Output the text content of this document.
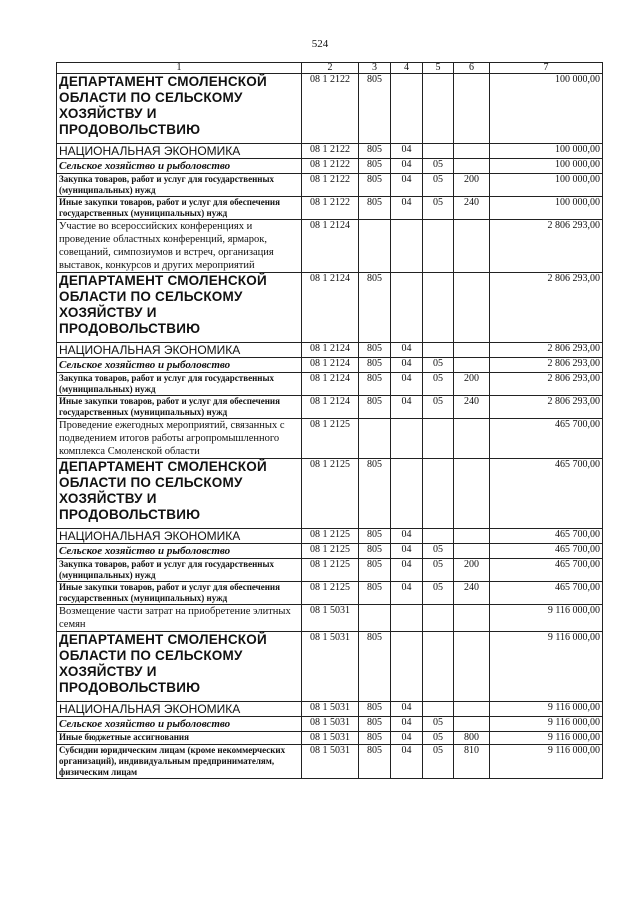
524
1	2	3	4	5	6	7
ДЕПАРТАМЕНТ СМОЛЕНСКОЙ ОБЛАСТИ ПО СЕЛЬСКОМУ ХОЗЯЙСТВУ И ПРОДОВОЛЬСТВИЮ	08 1 2122	805				100 000,00
НАЦИОНАЛЬНАЯ ЭКОНОМИКА	08 1 2122	805	04			100 000,00
Сельское хозяйство и рыболовство	08 1 2122	805	04	05		100 000,00
Закупка товаров, работ и услуг для государственных (муниципальных) нужд	08 1 2122	805	04	05	200	100 000,00
Иные закупки товаров, работ и услуг для обеспечения государственных (муниципальных) нужд	08 1 2122	805	04	05	240	100 000,00
Участие во всероссийских конференциях и проведение областных конференций, ярмарок, совещаний, симпозиумов и встреч, организация выставок, конкурсов и других мероприятий	08 1 2124					2 806 293,00
ДЕПАРТАМЕНТ СМОЛЕНСКОЙ ОБЛАСТИ ПО СЕЛЬСКОМУ ХОЗЯЙСТВУ И ПРОДОВОЛЬСТВИЮ	08 1 2124	805				2 806 293,00
НАЦИОНАЛЬНАЯ ЭКОНОМИКА	08 1 2124	805	04			2 806 293,00
Сельское хозяйство и рыболовство	08 1 2124	805	04	05		2 806 293,00
Закупка товаров, работ и услуг для государственных (муниципальных) нужд	08 1 2124	805	04	05	200	2 806 293,00
Иные закупки товаров, работ и услуг для обеспечения государственных (муниципальных) нужд	08 1 2124	805	04	05	240	2 806 293,00
Проведение ежегодных мероприятий, связанных с подведением итогов работы агропромышленного комплекса Смоленской области	08 1 2125					465 700,00
ДЕПАРТАМЕНТ СМОЛЕНСКОЙ ОБЛАСТИ ПО СЕЛЬСКОМУ ХОЗЯЙСТВУ И ПРОДОВОЛЬСТВИЮ	08 1 2125	805				465 700,00
НАЦИОНАЛЬНАЯ ЭКОНОМИКА	08 1 2125	805	04			465 700,00
Сельское хозяйство и рыболовство	08 1 2125	805	04	05		465 700,00
Закупка товаров, работ и услуг для государственных (муниципальных) нужд	08 1 2125	805	04	05	200	465 700,00
Иные закупки товаров, работ и услуг для обеспечения государственных (муниципальных) нужд	08 1 2125	805	04	05	240	465 700,00
Возмещение части затрат на приобретение элитных семян	08 1 5031					9 116 000,00
ДЕПАРТАМЕНТ СМОЛЕНСКОЙ ОБЛАСТИ ПО СЕЛЬСКОМУ ХОЗЯЙСТВУ И ПРОДОВОЛЬСТВИЮ	08 1 5031	805				9 116 000,00
НАЦИОНАЛЬНАЯ ЭКОНОМИКА	08 1 5031	805	04			9 116 000,00
Сельское хозяйство и рыболовство	08 1 5031	805	04	05		9 116 000,00
Иные бюджетные ассигнования	08 1 5031	805	04	05	800	9 116 000,00
Субсидии юридическим лицам (кроме некоммерческих организаций), индивидуальным предпринимателям, физическим лицам	08 1 5031	805	04	05	810	9 116 000,00
